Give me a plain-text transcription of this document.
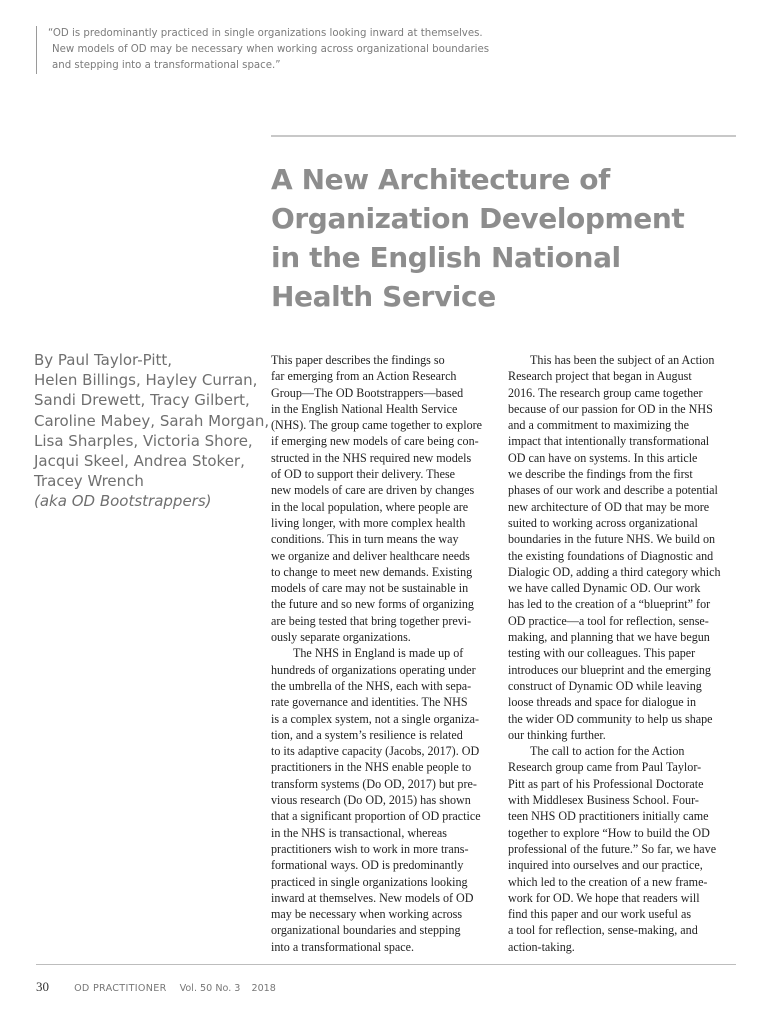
“OD is predominantly practiced in single organizations looking inward at themselves.
New models of OD may be necessary when working across organizational boundaries
and stepping into a transformational space.”
A New Architecture of
Organization Development
in the English National
Health Service
By Paul Taylor-Pitt,
Helen Billings, Hayley Curran,
Sandi Drewett, Tracy Gilbert,
Caroline Mabey, Sarah Morgan,
Lisa Sharples, Victoria Shore,
Jacqui Skeel, Andrea Stoker,
Tracey Wrench
(aka OD Bootstrappers)
This paper describes the findings so
far emerging from an Action Research
Group—The OD Bootstrappers—based
in the English National Health Service
(NHS). The group came together to explore
if emerging new models of care being con-
structed in the NHS required new models
of OD to support their delivery. These
new models of care are driven by changes
in the local population, where people are
living longer, with more complex health
conditions. This in turn means the way
we organize and deliver healthcare needs
to change to meet new demands. Existing
models of care may not be sustainable in
the future and so new forms of organizing
are being tested that bring together previ-
ously separate organizations.
The NHS in England is made up of
hundreds of organizations operating under
the umbrella of the NHS, each with sepa-
rate governance and identities. The NHS
is a complex system, not a single organiza-
tion, and a system’s resilience is related
to its adaptive capacity (Jacobs, 2017). OD
practitioners in the NHS enable people to
transform systems (Do OD, 2017) but pre-
vious research (Do OD, 2015) has shown
that a significant proportion of OD practice
in the NHS is transactional, whereas
practitioners wish to work in more trans-
formational ways. OD is predominantly
practiced in single organizations looking
inward at themselves. New models of OD
may be necessary when working across
organizational boundaries and stepping
into a transformational space.
This has been the subject of an Action
Research project that began in August
2016. The research group came together
because of our passion for OD in the NHS
and a commitment to maximizing the
impact that intentionally transformational
OD can have on systems. In this article
we describe the findings from the first
phases of our work and describe a potential
new architecture of OD that may be more
suited to working across organizational
boundaries in the future NHS. We build on
the existing foundations of Diagnostic and
Dialogic OD, adding a third category which
we have called Dynamic OD. Our work
has led to the creation of a “blueprint” for
OD practice—a tool for reflection, sense-
making, and planning that we have begun
testing with our colleagues. This paper
introduces our blueprint and the emerging
construct of Dynamic OD while leaving
loose threads and space for dialogue in
the wider OD community to help us shape
our thinking further.
The call to action for the Action
Research group came from Paul Taylor-
Pitt as part of his Professional Doctorate
with Middlesex Business School. Four-
teen NHS OD practitioners initially came
together to explore “How to build the OD
professional of the future.” So far, we have
inquired into ourselves and our practice,
which led to the creation of a new frame-
work for OD. We hope that readers will
find this paper and our work useful as
a tool for reflection, sense-making, and
action-taking.
30	OD PRACTITIONER Vol. 50 No. 3 2018
